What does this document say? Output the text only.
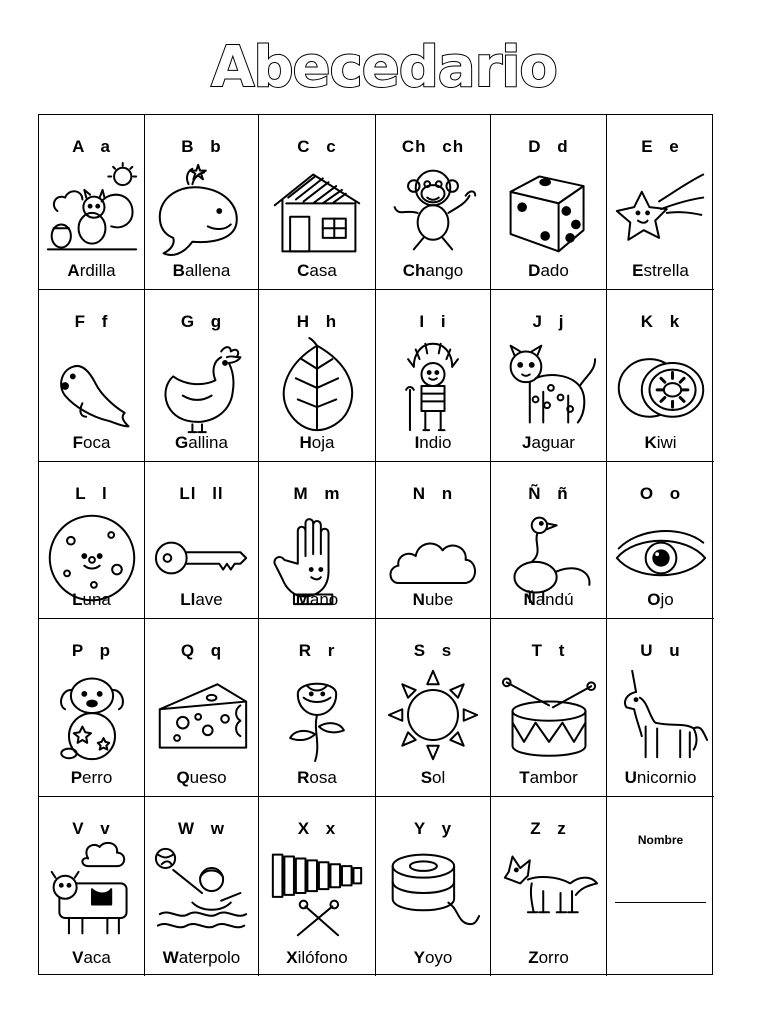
Abecedario
A a
Ardilla
B b
Ballena
C c
Casa
Ch ch
Chango
D d
Dado
E e
Estrella
F f
Foca
G g
Gallina
H h
Hoja
I i
Indio
J j
Jaguar
K k
Kiwi
L l
Luna
Ll ll
Llave
M m
Mano
N n
Nube
Ñ ñ
Ñandú
O o
Ojo
P p
Perro
Q q
Queso
R r
Rosa
S s
Sol
T t
Tambor
U u
Unicornio
V v
Vaca
W w
Waterpolo
X x
Xilófono
Y y
Yoyo
Z z
Zorro
Nombre
